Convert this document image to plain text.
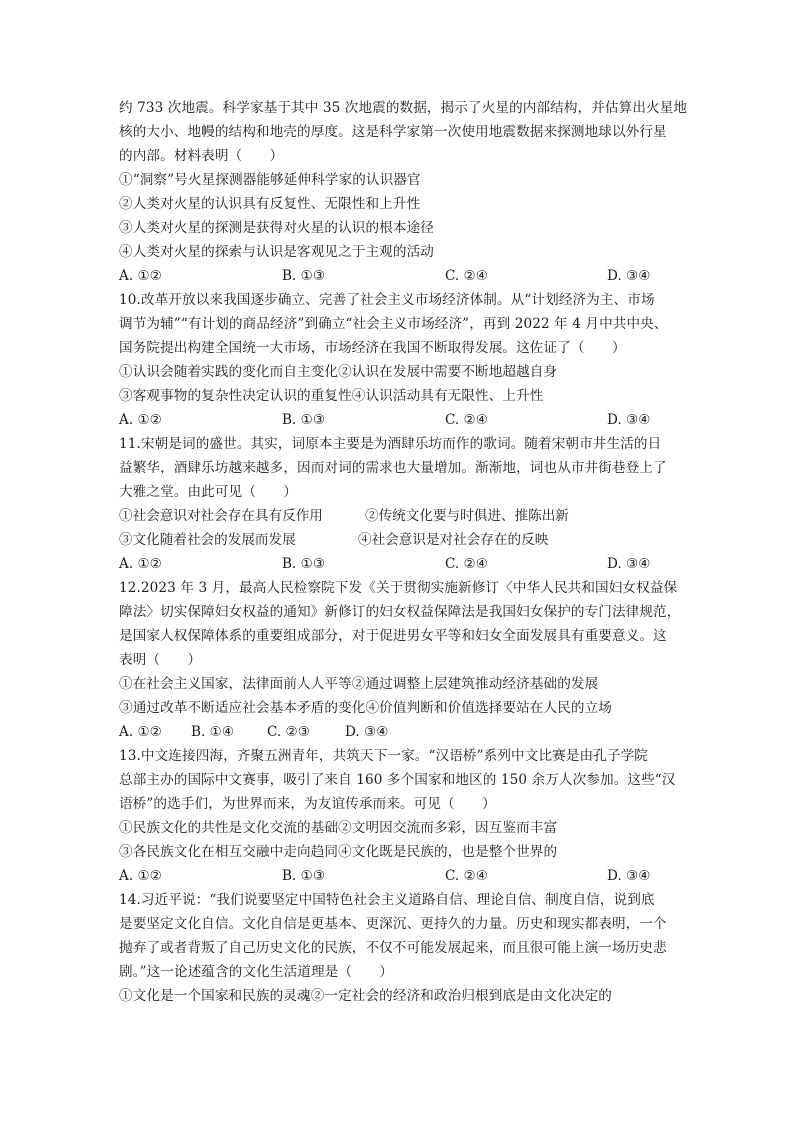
约 733 次地震。科学家基于其中 35 次地震的数据，揭示了火星的内部结构，并估算出火星地
核的大小、地幔的结构和地壳的厚度。这是科学家第一次使用地震数据来探测地球以外行星
的内部。材料表明（　　）
①“洞察”号火星探测器能够延伸科学家的认识器官
②人类对火星的认识具有反复性、无限性和上升性
③人类对火星的探测是获得对火星的认识的根本途径
④人类对火星的探索与认识是客观见之于主观的活动
A. ①②	B. ①③	C. ②④	D. ③④
10.改革开放以来我国逐步确立、完善了社会主义市场经济体制。从“计划经济为主、市场
调节为辅”“有计划的商品经济”到确立“社会主义市场经济”，再到 2022 年 4 月中共中央、
国务院提出构建全国统一大市场，市场经济在我国不断取得发展。这佐证了（　　）
①认识会随着实践的变化而自主变化②认识在发展中需要不断地超越自身
③客观事物的复杂性决定认识的重复性④认识活动具有无限性、上升性
A. ①②	B. ①③	C. ②④	D. ③④
11.宋朝是词的盛世。其实，词原本主要是为酒肆乐坊而作的歌词。随着宋朝市井生活的日
益繁华，酒肆乐坊越来越多，因而对词的需求也大量增加。渐渐地，词也从市井街巷登上了
大雅之堂。由此可见（　　）
①社会意识对社会存在具有反作用	②传统文化要与时俱进、推陈出新
③文化随着社会的发展而发展	④社会意识是对社会存在的反映
A. ①②	B. ①③	C. ②④	D. ③④
12.2023 年 3 月，最高人民检察院下发《关于贯彻实施新修订〈中华人民共和国妇女权益保
障法〉切实保障妇女权益的通知》新修订的妇女权益保障法是我国妇女保护的专门法律规范，
是国家人权保障体系的重要组成部分，对于促进男女平等和妇女全面发展具有重要意义。这
表明（　　）
①在社会主义国家，法律面前人人平等②通过调整上层建筑推动经济基础的发展
③通过改革不断适应社会基本矛盾的变化④价值判断和价值选择要站在人民的立场
A. ①② B. ①④ C. ②③	D. ③④
13.中文连接四海，齐聚五洲青年，共筑天下一家。“汉语桥”系列中文比赛是由孔子学院
总部主办的国际中文赛事，吸引了来自 160 多个国家和地区的 150 余万人次参加。这些“汉
语桥”的选手们，为世界而来，为友谊传承而来。可见（　　）
①民族文化的共性是文化交流的基础②文明因交流而多彩，因互鉴而丰富
③各民族文化在相互交融中走向趋同④文化既是民族的，也是整个世界的
A. ①②	B. ①③	C. ②④	D. ③④
14.习近平说：“我们说要坚定中国特色社会主义道路自信、理论自信、制度自信，说到底
是要坚定文化自信。文化自信是更基本、更深沉、更持久的力量。历史和现实都表明，一个
抛弃了或者背叛了自己历史文化的民族，不仅不可能发展起来，而且很可能上演一场历史悲
剧。”这一论述蕴含的文化生活道理是（　　）
①文化是一个国家和民族的灵魂②一定社会的经济和政治归根到底是由文化决定的
